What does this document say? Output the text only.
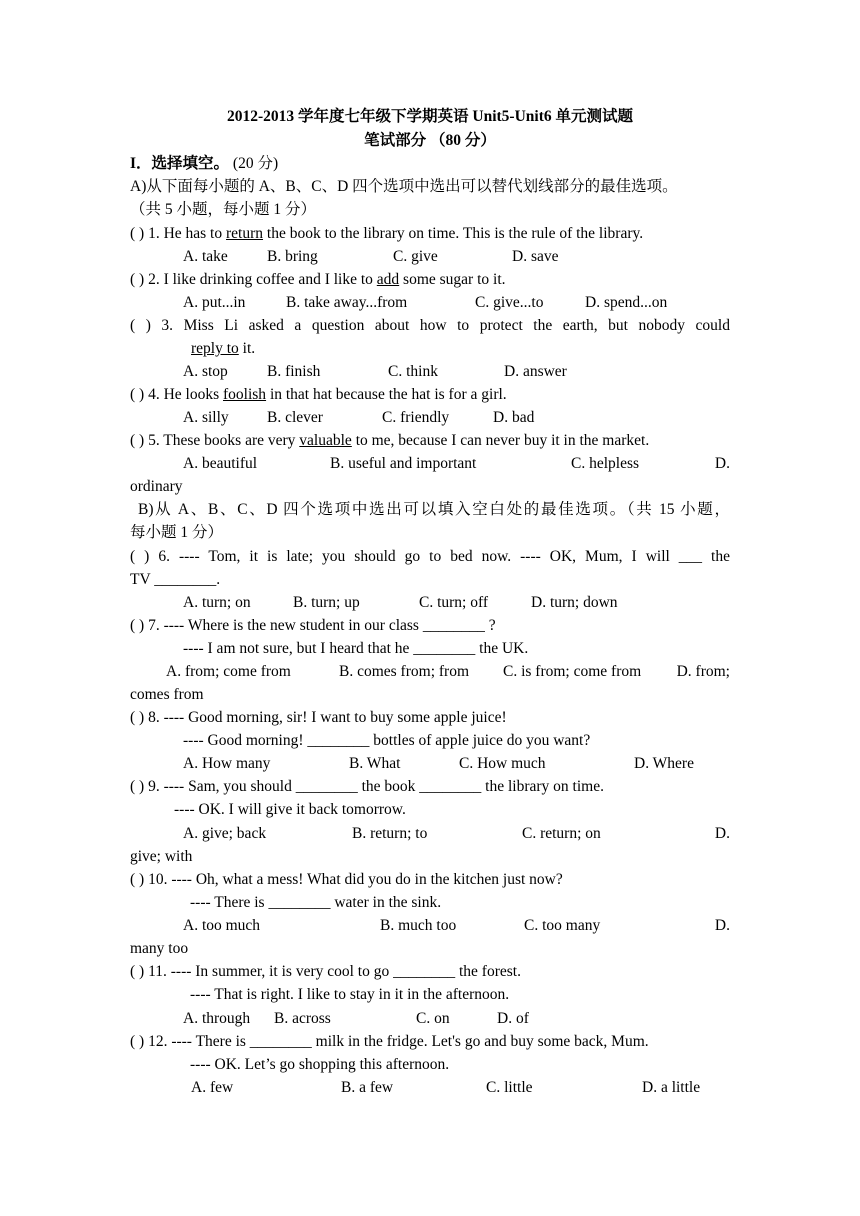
2012-2013 学年度七年级下学期英语 Unit5-Unit6 单元测试题
笔试部分 （80 分）
I．选择填空。 (20 分)
A)从下面每小题的 A、B、C、D 四个选项中选出可以替代划线部分的最佳选项。
（共 5 小题，每小题 1 分）
( ) 1. He has to return the book to the library on time. This is the rule of the library.
A. take	B. bring	C. give	D. save
( ) 2. I like drinking coffee and I like to add some sugar to it.
A. put...in	B. take away...from	C. give...to	D. spend...on
( ) 3. Miss Li asked a question about how to protect the earth, but nobody could
reply to it.
A. stop	B. finish	C. think	D. answer
( ) 4. He looks foolish in that hat because the hat is for a girl.
A. silly B. clever	C. friendly	D. bad
( ) 5. These books are very valuable to me, because I can never buy it in the market.
A. beautiful	B. useful and important	C. helpless	D.
ordinary
B)从 A、B、C、D 四个选项中选出可以填入空白处的最佳选项。（共 15 小题，
每小题 1 分）
( ) 6. ---- Tom, it is late; you should go to bed now. ---- OK, Mum, I will ___ the
TV ________.
A. turn; on	B. turn; up	C. turn; off	D. turn; down
( ) 7. ---- Where is the new student in our class ________ ?
---- I am not sure, but I heard that he ________ the UK.
A. from; come from	B. comes from; from C. is from; come from D. from;
comes from
( ) 8. ---- Good morning, sir! I want to buy some apple juice!
---- Good morning! ________ bottles of apple juice do you want?
A. How many	B. What	C. How much	D. Where
( ) 9. ---- Sam, you should ________ the book ________ the library on time.
---- OK. I will give it back tomorrow.
A. give; back	B. return; to	C. return; on	D.
give; with
( ) 10. ---- Oh, what a mess! What did you do in the kitchen just now?
---- There is ________ water in the sink.
A. too much	B. much too	C. too many	D.
many too
( ) 11. ---- In summer, it is very cool to go ________ the forest.
---- That is right. I like to stay in it in the afternoon.
A. through B. across	C. on	D. of
( ) 12. ---- There is ________ milk in the fridge. Let's go and buy some back, Mum.
---- OK. Let’s go shopping this afternoon.
A. few	B. a few	C. little	D. a little
